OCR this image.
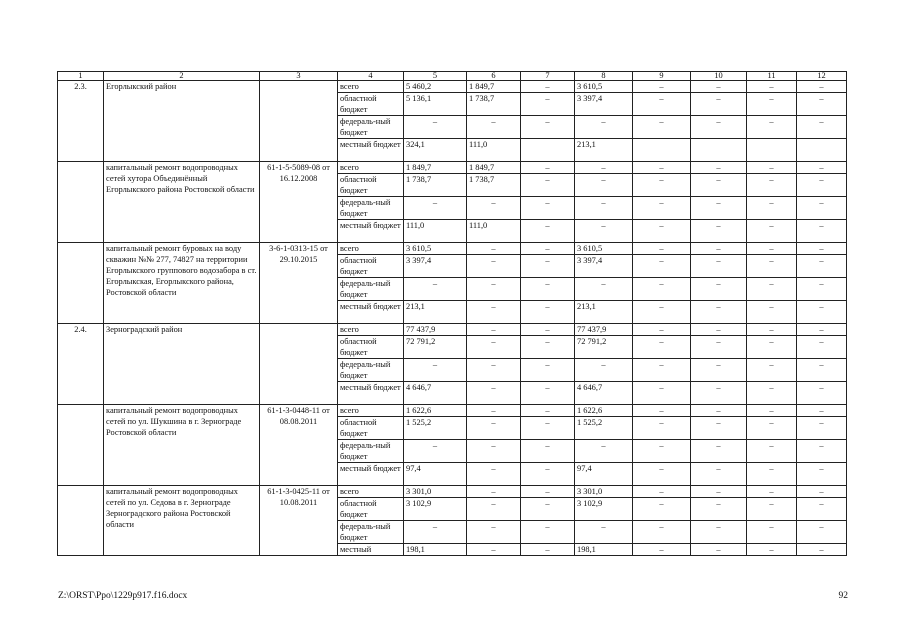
1	2	3	4	5	6	7	8	9	10	11	12
2.3.	Егорлыкский район		всего	5 460,2	1 849,7	–	3 610,5	–	–	–	–
			областной бюджет	5 136,1	1 738,7	–	3 397,4	–	–	–	–
			федераль-ный бюджет	–	–	–	–	–	–	–	–
			местный бюджет	324,1	111,0		213,1				
	капитальный ремонт водопроводных сетей хутора Объединённый Егорлыкского района Ростовской области	61-1-5-5089-08 от 16.12.2008	всего	1 849,7	1 849,7	–	–	–	–	–	–
			областной бюджет	1 738,7	1 738,7	–	–	–	–	–	–
			федераль-ный бюджет	–	–	–	–	–	–	–	–
			местный бюджет	111,0	111,0	–	–	–	–	–	–
	капитальный ремонт буровых на воду скважин №№ 277, 74827 на территории Егорлыкского группового водозабора в ст. Егорлыкская, Егорлыкского района, Ростовской области	3-6-1-0313-15 от 29.10.2015	всего	3 610,5	–	–	3 610,5	–	–	–	–
			областной бюджет	3 397,4	–	–	3 397,4	–	–	–	–
			федераль-ный бюджет	–	–	–	–	–	–	–	–
			местный бюджет	213,1	–	–	213,1	–	–	–	–
2.4.	Зерноградский район		всего	77 437,9	–	–	77 437,9	–	–	–	–
			областной бюджет	72 791,2	–	–	72 791,2	–	–	–	–
			федераль-ный бюджет	–	–	–	–	–	–	–	–
			местный бюджет	4 646,7	–	–	4 646,7	–	–	–	–
	капитальный ремонт водопроводных сетей по ул. Шукшина в г. Зернограде Ростовской области	61-1-3-0448-11 от 08.08.2011	всего	1 622,6	–	–	1 622,6	–	–	–	–
			областной бюджет	1 525,2	–	–	1 525,2	–	–	–	–
			федераль-ный бюджет	–	–	–	–	–	–	–	–
			местный бюджет	97,4	–	–	97,4	–	–	–	–
	капитальный ремонт водопроводных сетей по ул. Седова в г. Зернограде Зерноградского района Ростовской области	61-1-3-0425-11 от 10.08.2011	всего	3 301,0	–	–	3 301,0	–	–	–	–
			областной бюджет	3 102,9	–	–	3 102,9	–	–	–	–
			федераль-ный бюджет	–	–	–	–	–	–	–	–
			местный	198,1	–	–	198,1	–	–	–	–
Z:\ORST\Ppo\1229p917.f16.docx	92
